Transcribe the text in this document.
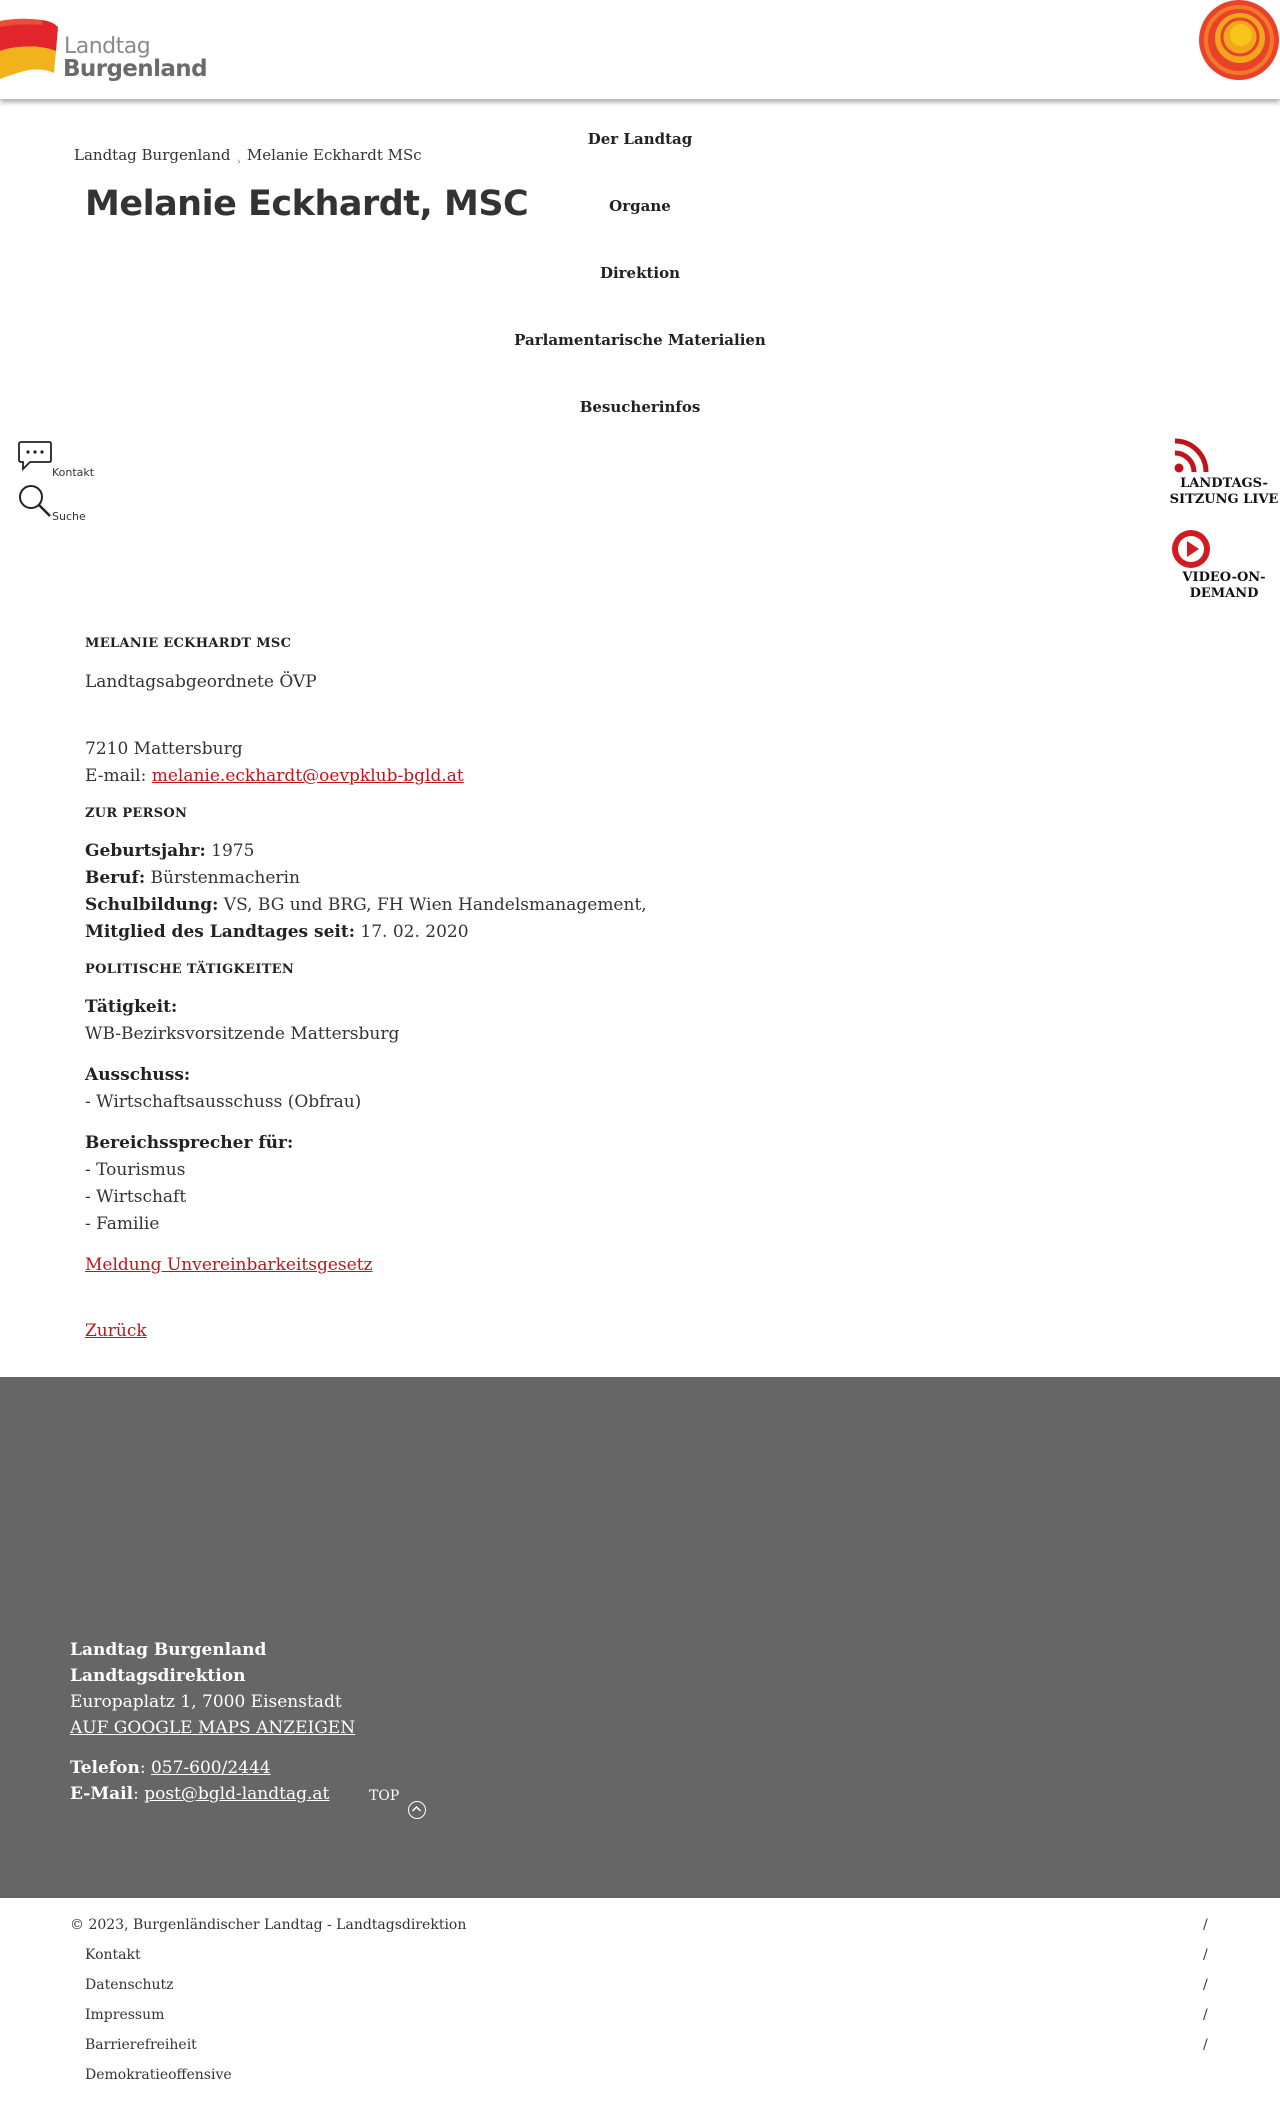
Landtag
Burgenland
Landtag Burgenland $_›$ Melanie Eckhardt MSc
Melanie Eckhardt, MSC
Der Landtag
Organe
Direktion
Parlamentarische Materialien
Besucherinfos
Kontakt
Suche
LANDTAGS-
SITZUNG LIVE
VIDEO-ON-
DEMAND

MELANIE ECKHARDT MSC

Landtagsabgeordnete ÖVP
7210 Mattersburg
E-mail: melanie.eckhardt@oevpklub-bgld.at

ZUR PERSON

Geburtsjahr: 1975
Beruf: Bürstenmacherin
Schulbildung: VS, BG und BRG, FH Wien Handelsmanagement,
Mitglied des Landtages seit: 17. 02. 2020

POLITISCHE TÄTIGKEITEN

Tätigkeit:
WB-Bezirksvorsitzende Mattersburg
Ausschuss:
- Wirtschaftsausschuss (Obfrau)
Bereichssprecher für:
- Tourismus
- Wirtschaft
- Familie
Meldung Unvereinbarkeitsgesetz
Zurück
Landtag Burgenland
Landtagsdirektion
Europaplatz 1, 7000 Eisenstadt
AUF GOOGLE MAPS ANZEIGEN
Telefon: 057-600/2444
E-Mail: post@bgld-landtag.at	TOP
© 2023, Burgenländischer Landtag - Landtagsdirektion
Kontakt
Datenschutz
Impressum
Barrierefreiheit
Demokratieoffensive
/
/
/
/
/
